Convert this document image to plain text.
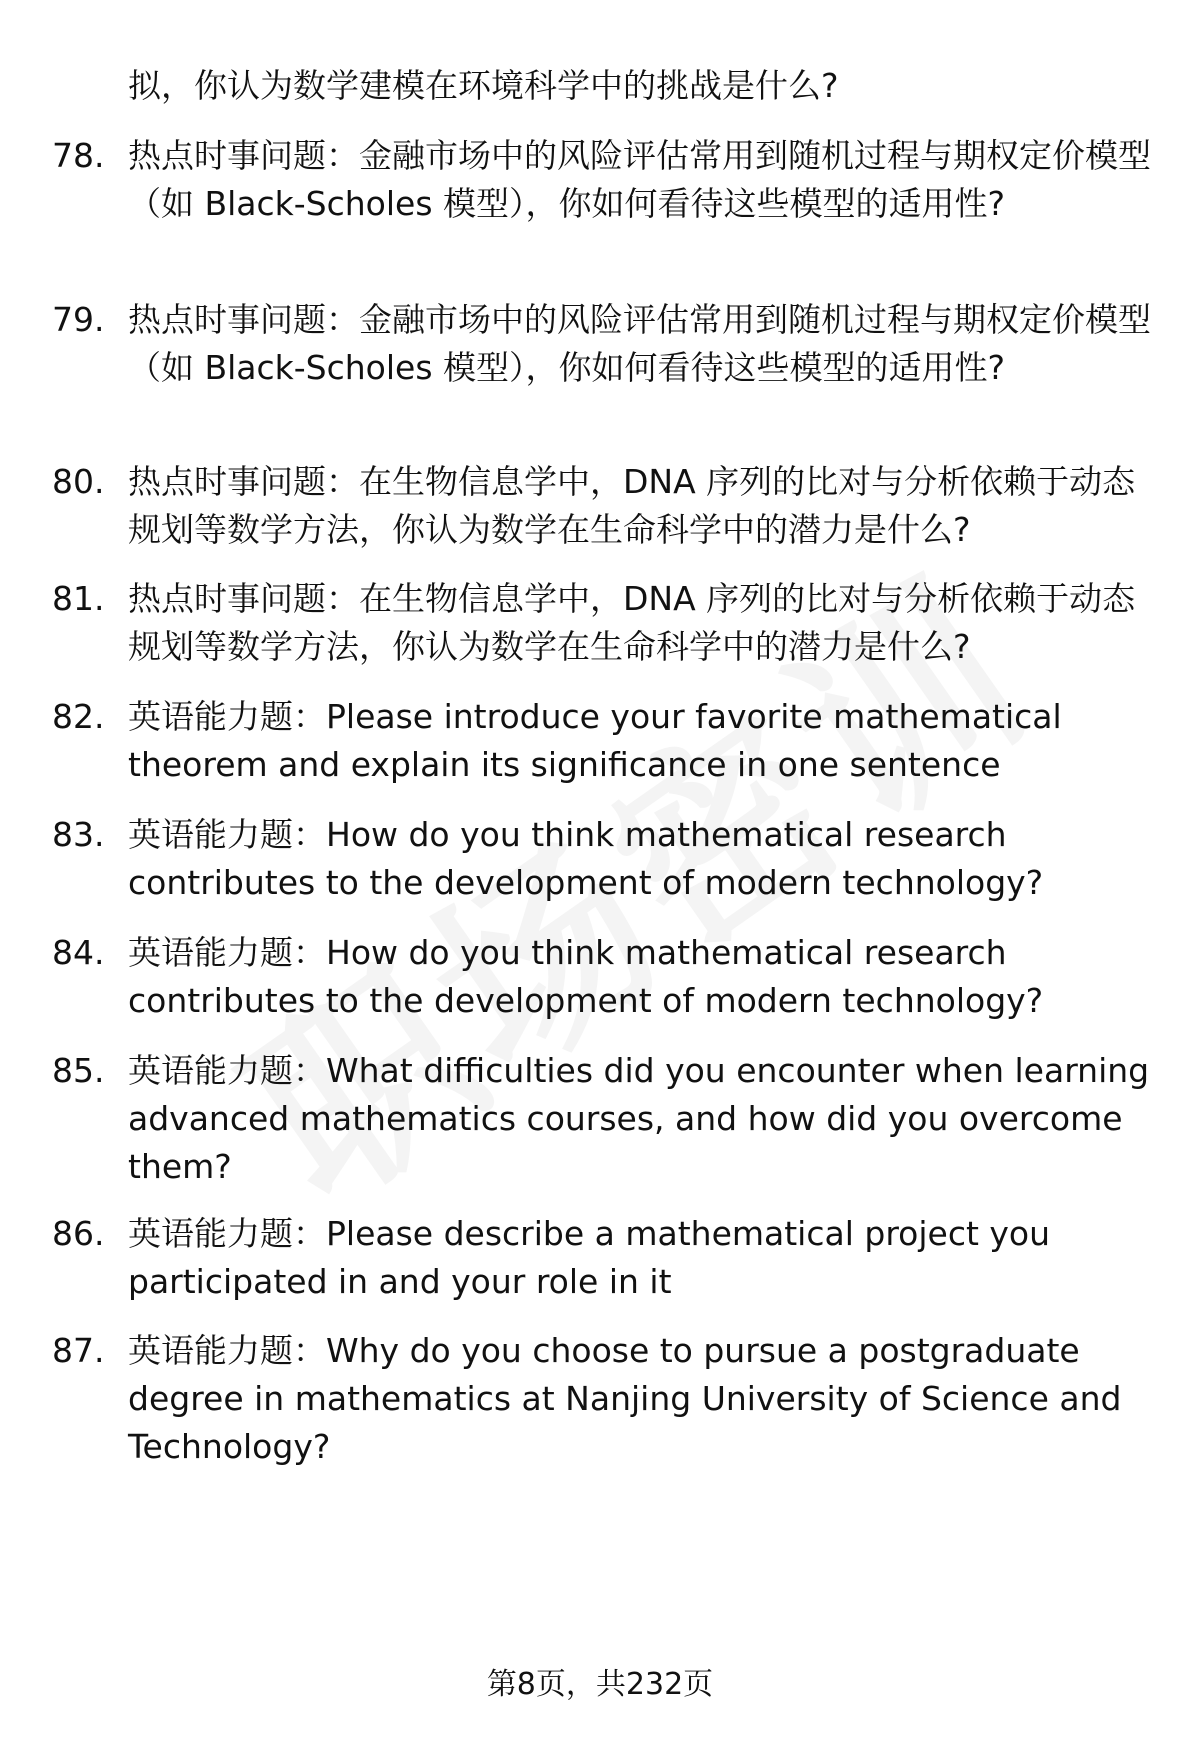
拟，你认为数学建模在环境科学中的挑战是什么?
78. 热点时事问题：金融市场中的风险评估常用到随机过程与期权定价模型（如 Black-Scholes 模型），你如何看待这些模型的适用性?
79. 热点时事问题：金融市场中的风险评估常用到随机过程与期权定价模型（如 Black-Scholes 模型），你如何看待这些模型的适用性?
80. 热点时事问题：在生物信息学中，DNA 序列的比对与分析依赖于动态规划等数学方法，你认为数学在生命科学中的潜力是什么?
81. 热点时事问题：在生物信息学中，DNA 序列的比对与分析依赖于动态规划等数学方法，你认为数学在生命科学中的潜力是什么?
82. 英语能力题：Please introduce your favorite mathematical theorem and explain its significance in one sentence
83. 英语能力题：How do you think mathematical research contributes to the development of modern technology?
84. 英语能力题：How do you think mathematical research contributes to the development of modern technology?
85. 英语能力题：What difficulties did you encounter when learning advanced mathematics courses, and how did you overcome them?
86. 英语能力题：Please describe a mathematical project you participated in and your role in it
87. 英语能力题：Why do you choose to pursue a postgraduate degree in mathematics at Nanjing University of Science and Technology?
第8页，共232页
